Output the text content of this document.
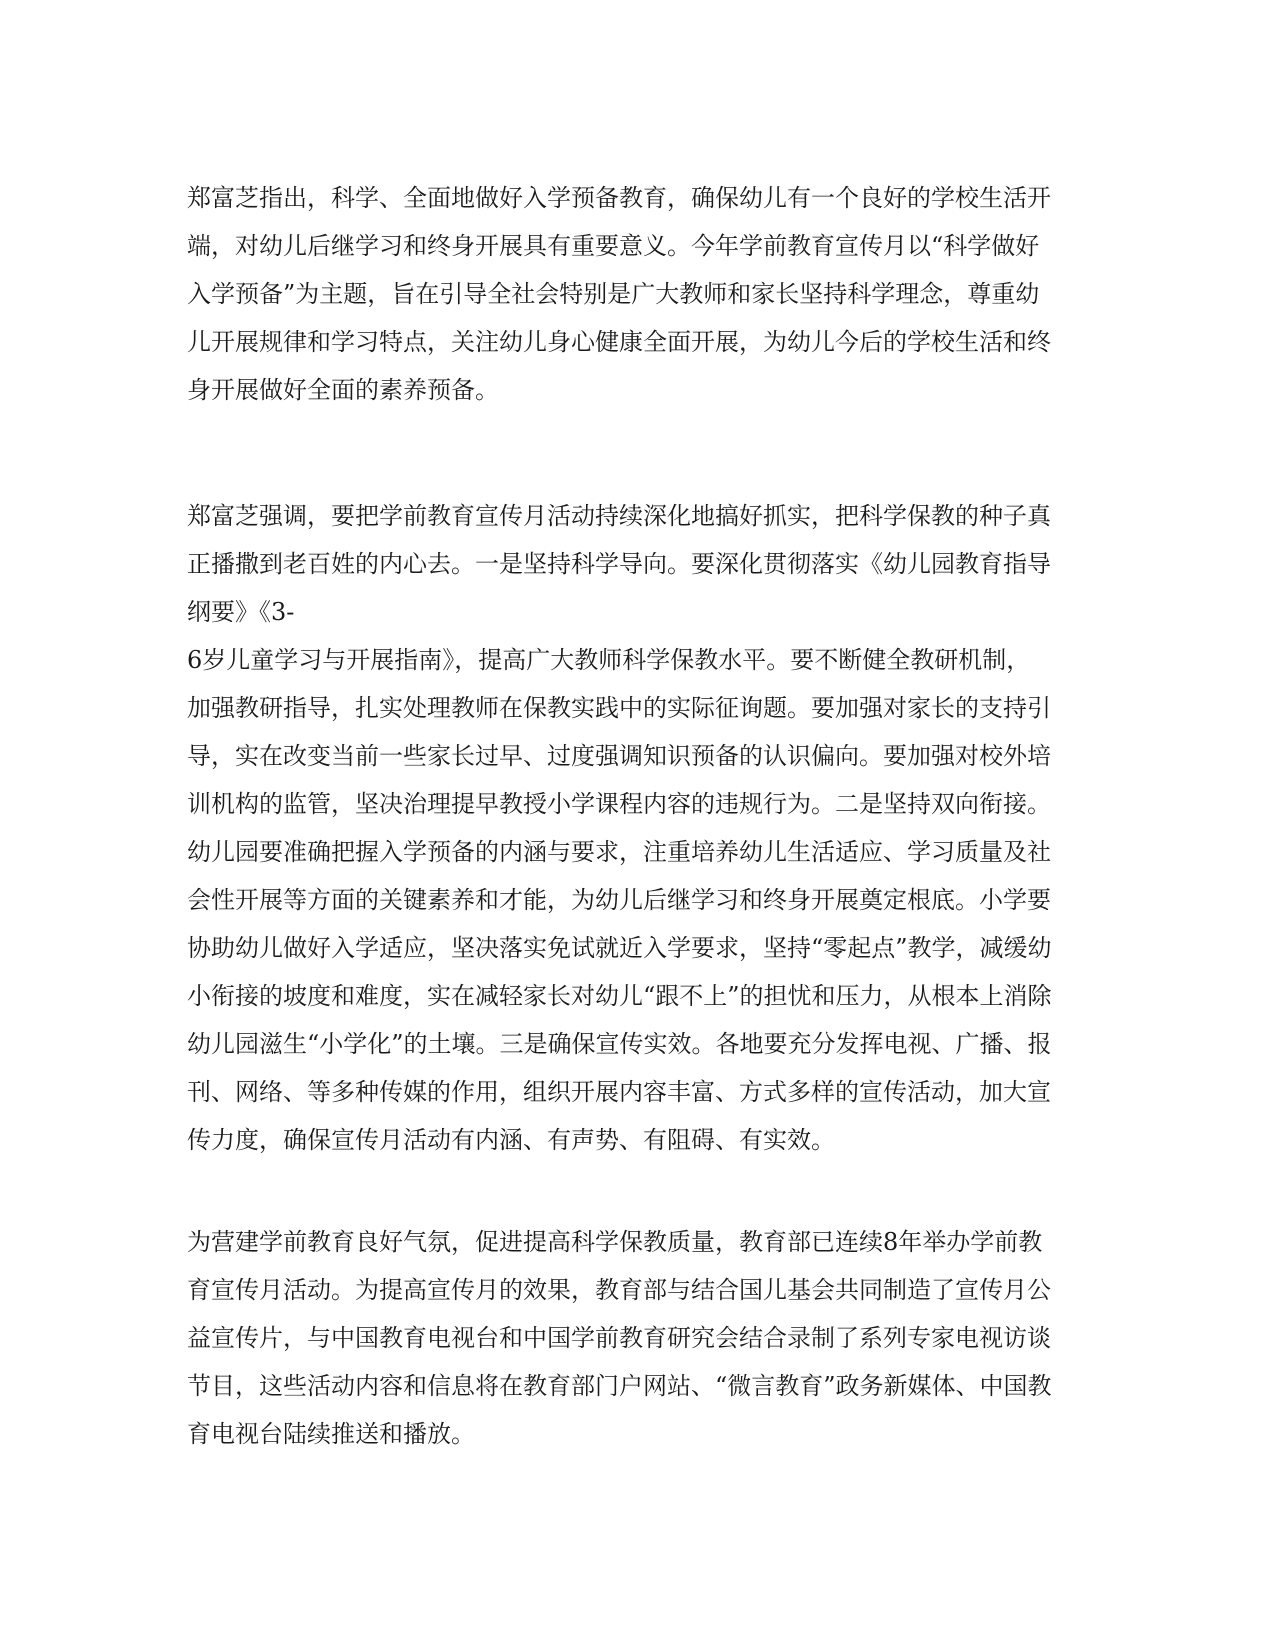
郑富芝指出，科学、全面地做好入学预备教育，确保幼儿有一个良好的学校生活开
端，对幼儿后继学习和终身开展具有重要意义。今年学前教育宣传月以“科学做好
入学预备”为主题，旨在引导全社会特别是广大教师和家长坚持科学理念，尊重幼
儿开展规律和学习特点，关注幼儿身心健康全面开展，为幼儿今后的学校生活和终
身开展做好全面的素养预备。

郑富芝强调，要把学前教育宣传月活动持续深化地搞好抓实，把科学保教的种子真
正播撒到老百姓的内心去。一是坚持科学导向。要深化贯彻落实《幼儿园教育指导
纲要》《3-
6岁儿童学习与开展指南》，提高广大教师科学保教水平。要不断健全教研机制，
加强教研指导，扎实处理教师在保教实践中的实际征询题。要加强对家长的支持引
导，实在改变当前一些家长过早、过度强调知识预备的认识偏向。要加强对校外培
训机构的监管，坚决治理提早教授小学课程内容的违规行为。二是坚持双向衔接。
幼儿园要准确把握入学预备的内涵与要求，注重培养幼儿生活适应、学习质量及社
会性开展等方面的关键素养和才能，为幼儿后继学习和终身开展奠定根底。小学要
协助幼儿做好入学适应，坚决落实免试就近入学要求，坚持“零起点”教学，减缓幼
小衔接的坡度和难度，实在减轻家长对幼儿“跟不上”的担忧和压力，从根本上消除
幼儿园滋生“小学化”的土壤。三是确保宣传实效。各地要充分发挥电视、广播、报
刊、网络、等多种传媒的作用，组织开展内容丰富、方式多样的宣传活动，加大宣
传力度，确保宣传月活动有内涵、有声势、有阻碍、有实效。

为营建学前教育良好气氛，促进提高科学保教质量，教育部已连续8年举办学前教
育宣传月活动。为提高宣传月的效果，教育部与结合国儿基会共同制造了宣传月公
益宣传片，与中国教育电视台和中国学前教育研究会结合录制了系列专家电视访谈
节目，这些活动内容和信息将在教育部门户网站、“微言教育”政务新媒体、中国教
育电视台陆续推送和播放。
